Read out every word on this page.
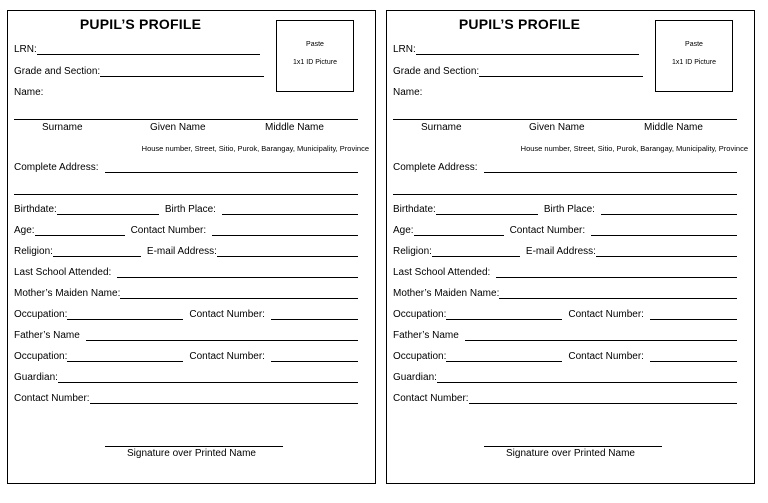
PUPIL’S PROFILE
Paste
1x1 ID Picture
LRN:
Grade and Section:
Name:
Surname	Given Name	Middle Name
House number, Street, Sitio, Purok, Barangay, Municipality, Province
Complete Address:
Birthdate:	Birth Place:
Age:	Contact Number:
Religion:	E-mail Address:
Last School Attended:
Mother’s Maiden Name:
Occupation:	Contact Number:
Father’s Name
Occupation:	Contact Number:
Guardian:
Contact Number:
Signature over Printed Name
PUPIL’S PROFILE
Paste
1x1 ID Picture
LRN:
Grade and Section:
Name:
Surname	Given Name	Middle Name
House number, Street, Sitio, Purok, Barangay, Municipality, Province
Complete Address:
Birthdate:	Birth Place:
Age:	Contact Number:
Religion:	E-mail Address:
Last School Attended:
Mother’s Maiden Name:
Occupation:	Contact Number:
Father’s Name
Occupation:	Contact Number:
Guardian:
Contact Number:
Signature over Printed Name
